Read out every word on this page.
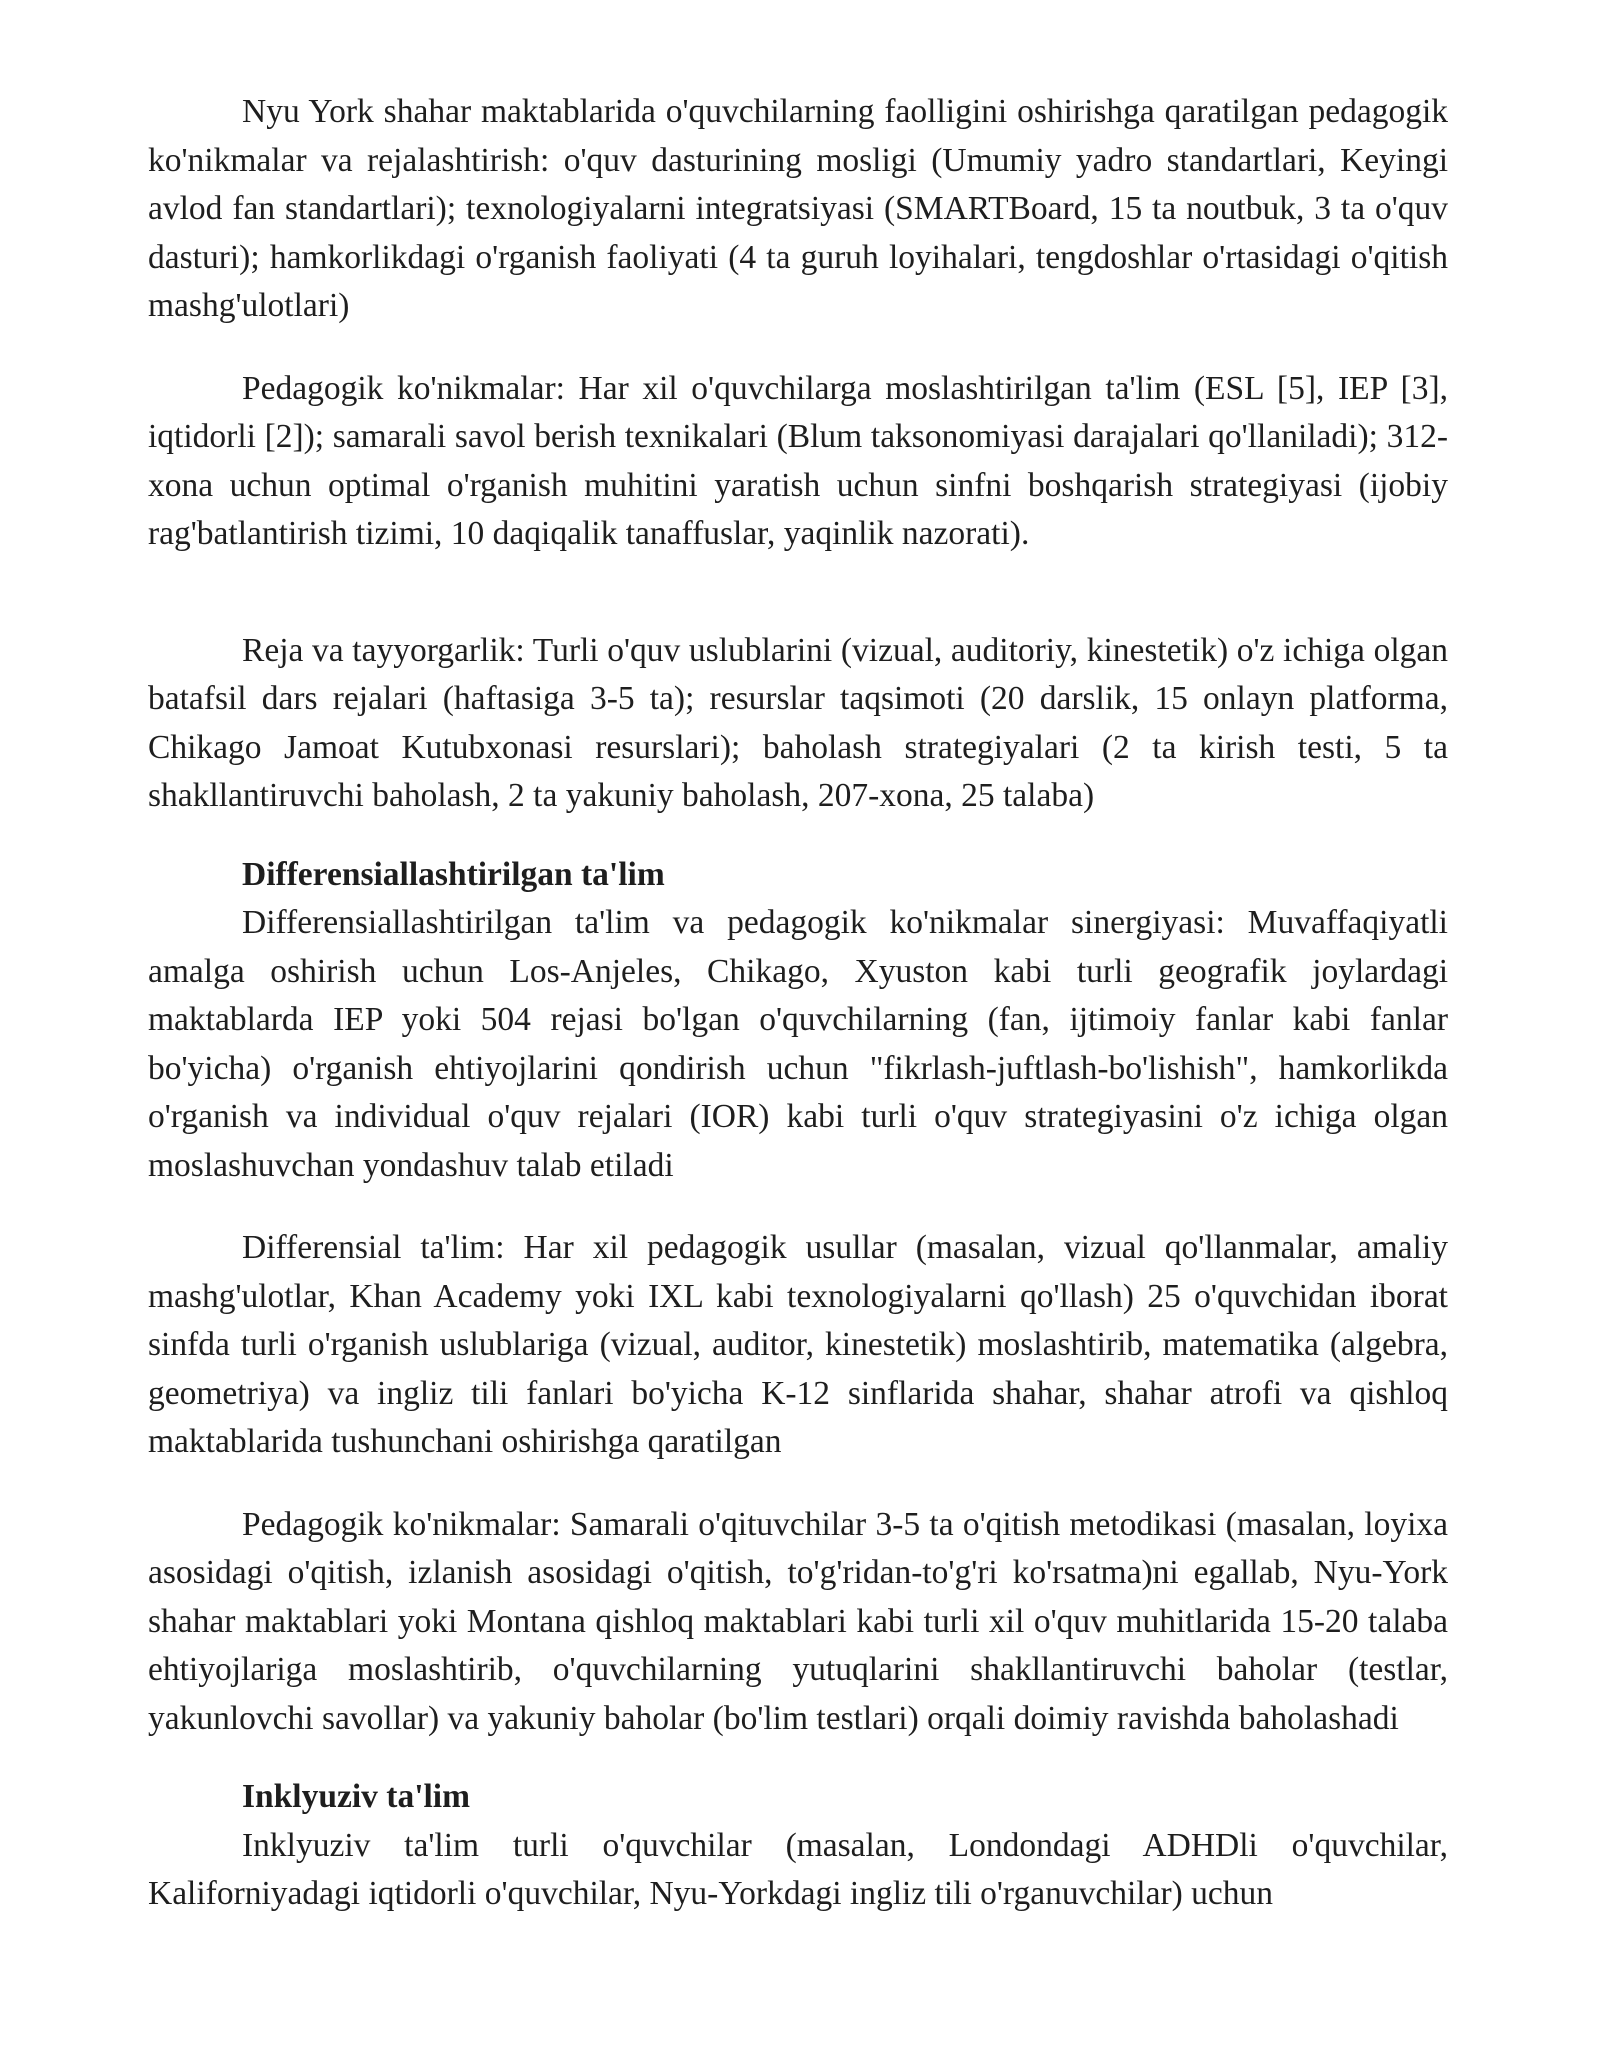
Nyu York shahar maktablarida o'quvchilarning faolligini oshirishga qaratilgan pedagogik ko'nikmalar va rejalashtirish: o'quv dasturining mosligi (Umumiy yadro standartlari, Keyingi avlod fan standartlari); texnologiyalarni integratsiyasi (SMARTBoard, 15 ta noutbuk, 3 ta o'quv dasturi); hamkorlikdagi o'rganish faoliyati (4 ta guruh loyihalari, tengdoshlar o'rtasidagi o'qitish mashg'ulotlari)

Pedagogik ko'nikmalar: Har xil o'quvchilarga moslashtirilgan ta'lim (ESL [5], IEP [3], iqtidorli [2]); samarali savol berish texnikalari (Blum taksonomiyasi darajalari qo'llaniladi); 312-xona uchun optimal o'rganish muhitini yaratish uchun sinfni boshqarish strategiyasi (ijobiy rag'batlantirish tizimi, 10 daqiqalik tanaffuslar, yaqinlik nazorati).

Reja va tayyorgarlik: Turli o'quv uslublarini (vizual, auditoriy, kinestetik) o'z ichiga olgan batafsil dars rejalari (haftasiga 3-5 ta); resurslar taqsimoti (20 darslik, 15 onlayn platforma, Chikago Jamoat Kutubxonasi resurslari); baholash strategiyalari (2 ta kirish testi, 5 ta shakllantiruvchi baholash, 2 ta yakuniy baholash, 207-xona, 25 talaba)

Differensiallashtirilgan ta'lim

Differensiallashtirilgan ta'lim va pedagogik ko'nikmalar sinergiyasi: Muvaffaqiyatli amalga oshirish uchun Los-Anjeles, Chikago, Xyuston kabi turli geografik joylardagi maktablarda IEP yoki 504 rejasi bo'lgan o'quvchilarning (fan, ijtimoiy fanlar kabi fanlar bo'yicha) o'rganish ehtiyojlarini qondirish uchun "fikrlash-juftlash-bo'lishish", hamkorlikda o'rganish va individual o'quv rejalari (IOR) kabi turli o'quv strategiyasini o'z ichiga olgan moslashuvchan yondashuv talab etiladi

Differensial ta'lim: Har xil pedagogik usullar (masalan, vizual qo'llanmalar, amaliy mashg'ulotlar, Khan Academy yoki IXL kabi texnologiyalarni qo'llash) 25 o'quvchidan iborat sinfda turli o'rganish uslublariga (vizual, auditor, kinestetik) moslashtirib, matematika (algebra, geometriya) va ingliz tili fanlari bo'yicha K-12 sinflarida shahar, shahar atrofi va qishloq maktablarida tushunchani oshirishga qaratilgan

Pedagogik ko'nikmalar: Samarali o'qituvchilar 3-5 ta o'qitish metodikasi (masalan, loyixa asosidagi o'qitish, izlanish asosidagi o'qitish, to'g'ridan-to'g'ri ko'rsatma)ni egallab, Nyu-York shahar maktablari yoki Montana qishloq maktablari kabi turli xil o'quv muhitlarida 15-20 talaba ehtiyojlariga moslashtirib, o'quvchilarning yutuqlarini shakllantiruvchi baholar (testlar, yakunlovchi savollar) va yakuniy baholar (bo'lim testlari) orqali doimiy ravishda baholashadi

Inklyuziv ta'lim

Inklyuziv ta'lim turli o'quvchilar (masalan, Londondagi ADHDli o'quvchilar, Kaliforniyadagi iqtidorli o'quvchilar, Nyu-Yorkdagi ingliz tili o'rganuvchilar) uchun
